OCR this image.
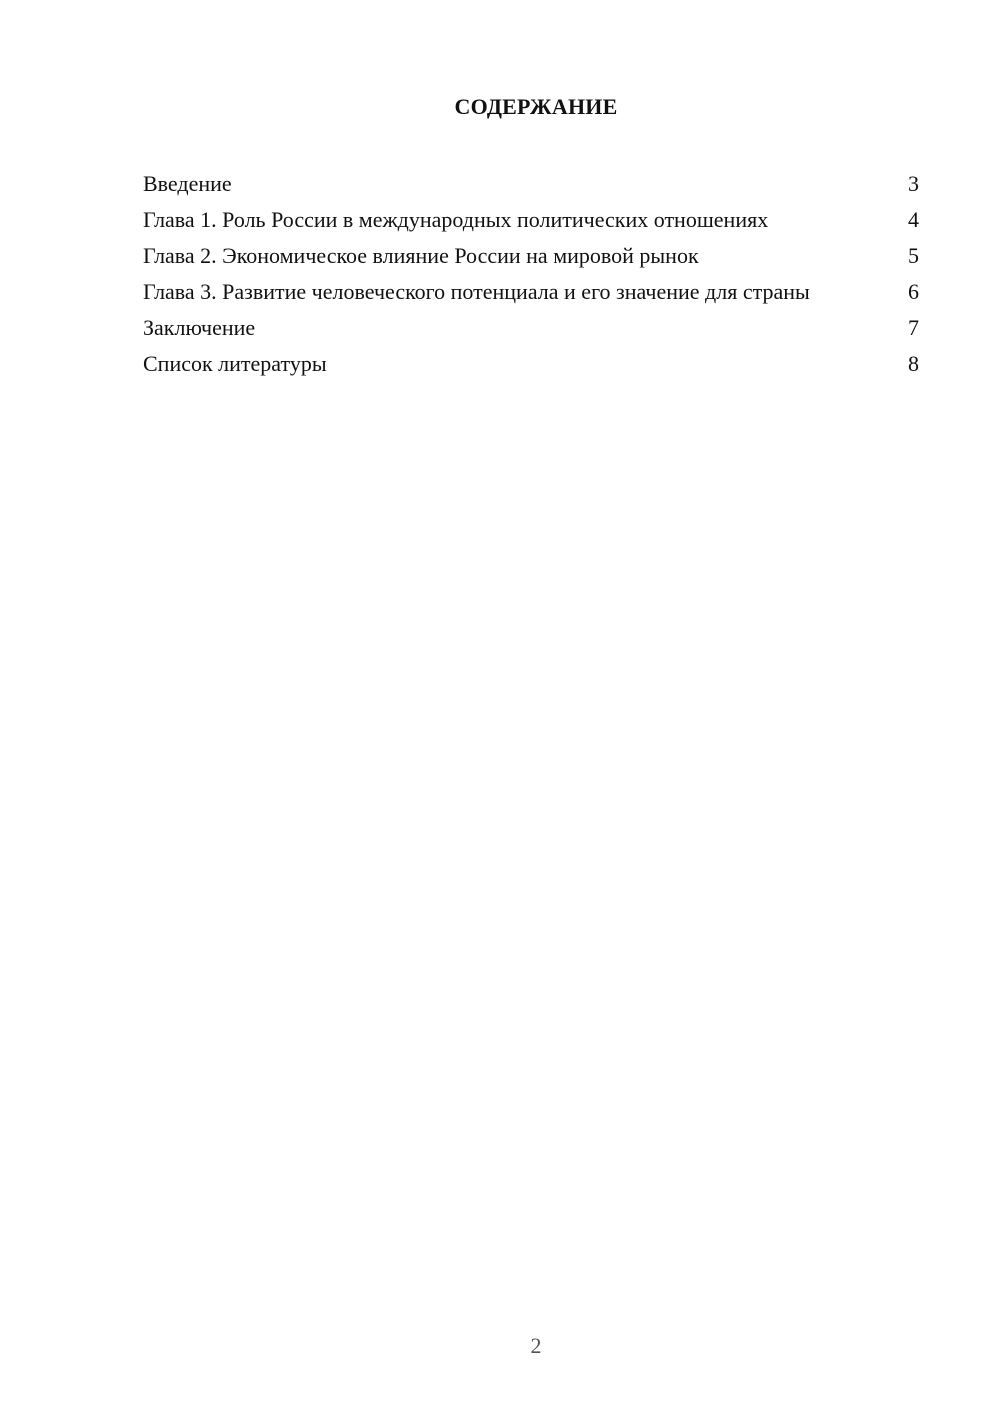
СОДЕРЖАНИЕ
Введение	3
Глава 1. Роль России в международных политических отношениях	4
Глава 2. Экономическое влияние России на мировой рынок	5
Глава 3. Развитие человеческого потенциала и его значение для страны	6
Заключение	7
Список литературы	8
2
